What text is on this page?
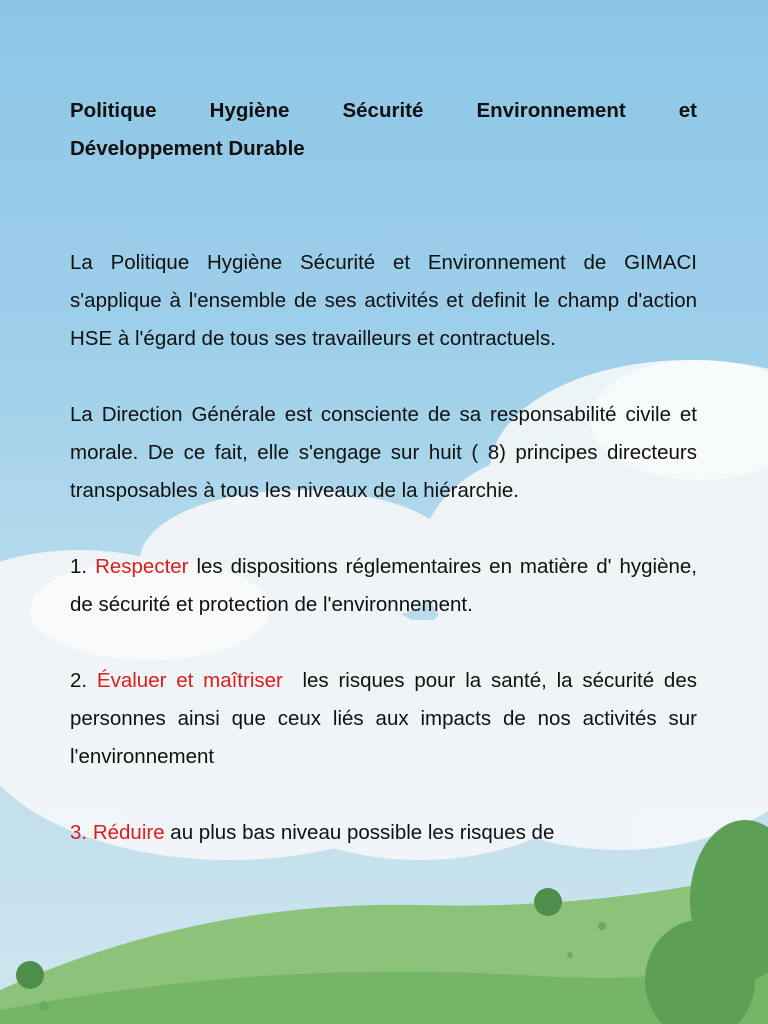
Politique	Hygiène	Sécurité	Environnement	et
Développement Durable

La Politique Hygiène Sécurité et Environnement de GIMACI s'applique à l'ensemble de ses activités et definit le champ d'action HSE à l'égard de tous ses travailleurs et contractuels.

La Direction Générale est consciente de sa responsabilité civile et morale. De ce fait, elle s'engage sur huit ( 8) principes directeurs transposables à tous les niveaux de la hiérarchie.

1. Respecter les dispositions réglementaires en matière d' hygiène, de sécurité et protection de l'environnement.

2. Évaluer et maîtriser  les risques pour la santé, la sécurité des personnes ainsi que ceux liés aux impacts de nos activités sur l'environnement

3. Réduire au plus bas niveau possible les risques de
